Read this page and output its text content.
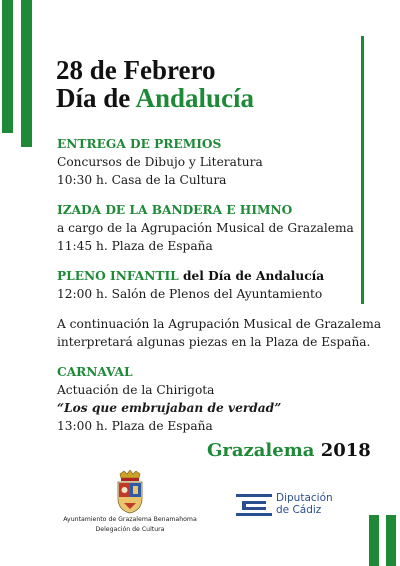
28 de Febrero
Día de Andalucía
ENTREGA DE PREMIOS
Concursos de Dibujo y Literatura
10:30 h. Casa de la Cultura
IZADA DE LA BANDERA E HIMNO
a cargo de la Agrupación Musical de Grazalema
11:45 h. Plaza de España
PLENO INFANTIL del Día de Andalucía
12:00 h. Salón de Plenos del Ayuntamiento
A continuación la Agrupación Musical de Grazalema
interpretará algunas piezas en la Plaza de España.
CARNAVAL
Actuación de la Chirigota
“Los que embrujaban de verdad”
13:00 h. Plaza de España
Grazalema 2018
Ayuntamiento de Grazalema Benamahoma
Delegación de Cultura
Diputación
de Cádiz
